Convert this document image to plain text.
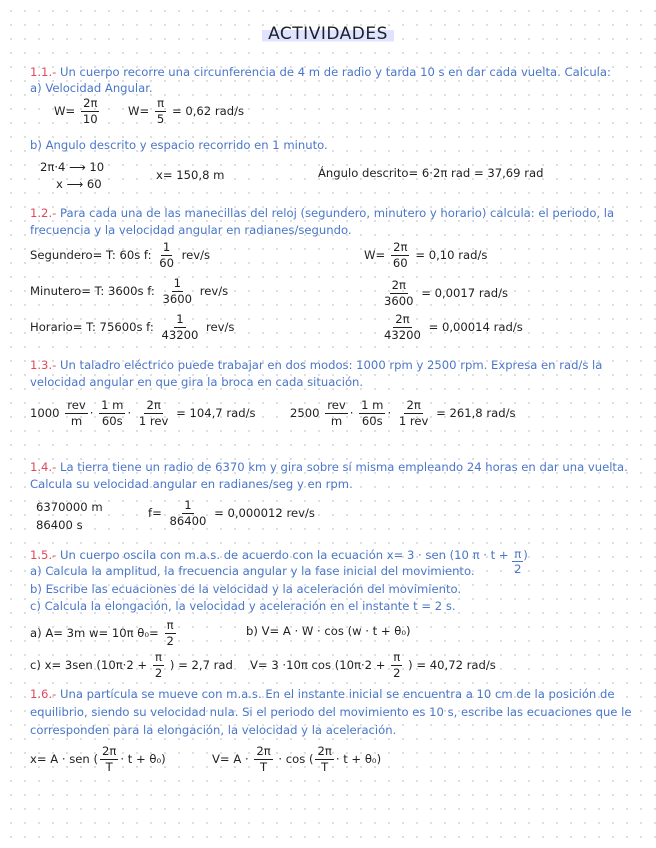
ACTIVIDADES
1.1.- Un cuerpo recorre una circunferencia de 4 m de radio y tarda 10 s en dar cada vuelta. Calcula:
a) Velocidad Angular.
$W= \frac{2\pi}{10} W= \frac{\pi}{5} = 0,62$ rad/s
b) Angulo descrito y espacio recorrido en 1 minuto.
2π·4 ⟶ 10
x ⟶ 60
x= 150,8 m	Ángulo descrito= 6·2π rad = 37,69 rad
1.2.- Para cada una de las manecillas del reloj (segundero, minutero y horario) calcula: el periodo, la
frecuencia y la velocidad angular en radianes/segundo.
Segundero= T: 60s f: $\frac{1}{60} rev/s$	$W= \frac{2\pi}{60} = 0,10$ rad/s
Minutero= T: 3600s f: $\frac{1}{3600} rev/s$	$\frac{2\pi}{3600} = 0,0017$ rad/s
Horario= T: 75600s f: $\frac{1}{43200} rev/s$	$\frac{2\pi}{43200} = 0,00014$ rad/s
1.3.- Un taladro eléctrico puede trabajar en dos modos: 1000 rpm y 2500 rpm. Expresa en rad/s la
velocidad angular en que gira la broca en cada situación.
$1000 \frac{\text{rev}}{m} \cdot \frac{1 m}{60s} \cdot \frac{2\pi}{\text{1 rev}} = 104,7$ rad/s	$2500 \frac{\text{rev}}{m} \cdot \frac{1 m}{60s} \cdot \frac{2\pi}{\text{1 rev}} = 261,8$ rad/s
1.4.- La tierra tiene un radio de 6370 km y gira sobre sí misma empleando 24 horas en dar una vuelta.
Calcula su velocidad angular en radianes/seg y en rpm.
6370000 m
86400 s
$f= \frac{1}{86400} = 0,000012$ rev/s
1.5.- Un cuerpo oscila con m.a.s. de acuerdo con la ecuación x= 3 · sen (10 $\pi \cdot t + \frac{\pi}{2}$ )
a) Calcula la amplitud, la frecuencia angular y la fase inicial del movimiento.
b) Escribe las ecuaciones de la velocidad y la aceleración del movimiento.
c) Calcula la elongación, la velocidad y aceleración en el instante t = 2 s.
a) A= 3m w= 10π $\theta_0= \frac{\pi}{2}$	b) V= A · W · cos (w · t + θ₀)
c) x= 3sen ($10\pi\cdot 2 + \frac{\pi}{2}$ ) = 2,7 rad V= 3 ·10π $\cos (10\pi\cdot 2 + \frac{\pi}{2}$ ) = 40,72 rad/s
1.6.- Una partícula se mueve con m.a.s. En el instante inicial se encuentra a 10 cm de la posición de
equilibrio, siendo su velocidad nula. Si el periodo del movimiento es 10 s, escribe las ecuaciones que le
corresponden para la elongación, la velocidad y la aceleración.
x= A · sen ( $\frac{2\pi}{T} \cdot t + \theta_0$)	$V= A \cdot \frac{2\pi}{T} \cdot \cos$ ( $\frac{2\pi}{T} \cdot t + \theta_0$)
